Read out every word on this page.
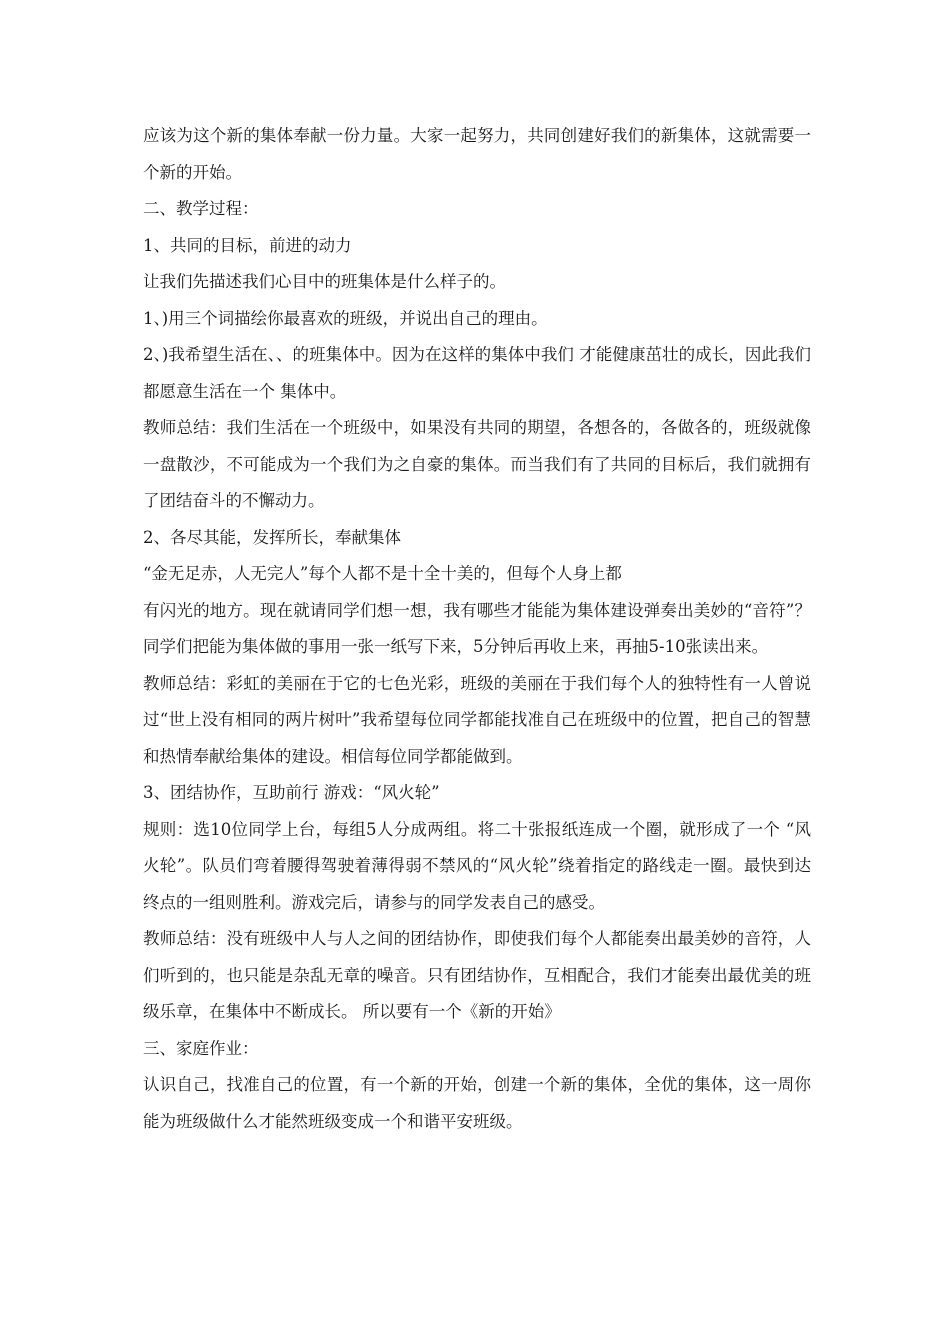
应该为这个新的集体奉献一份力量。大家一起努力，共同创建好我们的新集体，这就需要一个新的开始。

二、教学过程：

1、共同的目标，前进的动力

让我们先描述我们心目中的班集体是什么样子的。

1、)用三个词描绘你最喜欢的班级，并说出自己的理由。

2、)我希望生活在、、的班集体中。因为在这样的集体中我们 才能健康茁壮的成长，因此我们都愿意生活在一个 集体中。

教师总结：我们生活在一个班级中，如果没有共同的期望，各想各的，各做各的，班级就像一盘散沙，不可能成为一个我们为之自豪的集体。而当我们有了共同的目标后，我们就拥有了团结奋斗的不懈动力。

2、各尽其能，发挥所长，奉献集体

“金无足赤，人无完人”每个人都不是十全十美的，但每个人身上都

有闪光的地方。现在就请同学们想一想，我有哪些才能能为集体建设弹奏出美妙的“音符”？同学们把能为集体做的事用一张一纸写下来，5分钟后再收上来，再抽5-10张读出来。

教师总结：彩虹的美丽在于它的七色光彩，班级的美丽在于我们每个人的独特性有一人曾说过“世上没有相同的两片树叶”我希望每位同学都能找准自己在班级中的位置，把自己的智慧和热情奉献给集体的建设。相信每位同学都能做到。

3、团结协作，互助前行 游戏：“风火轮”

规则：选10位同学上台，每组5人分成两组。将二十张报纸连成一个圈，就形成了一个 “风火轮”。队员们弯着腰得驾驶着薄得弱不禁风的“风火轮”绕着指定的路线走一圈。最快到达终点的一组则胜利。游戏完后，请参与的同学发表自己的感受。

教师总结：没有班级中人与人之间的团结协作，即使我们每个人都能奏出最美妙的音符，人们听到的，也只能是杂乱无章的噪音。只有团结协作，互相配合，我们才能奏出最优美的班级乐章，在集体中不断成长。 所以要有一个《新的开始》

三、家庭作业：

认识自己，找准自己的位置，有一个新的开始，创建一个新的集体，全优的集体，这一周你能为班级做什么才能然班级变成一个和谐平安班级。
